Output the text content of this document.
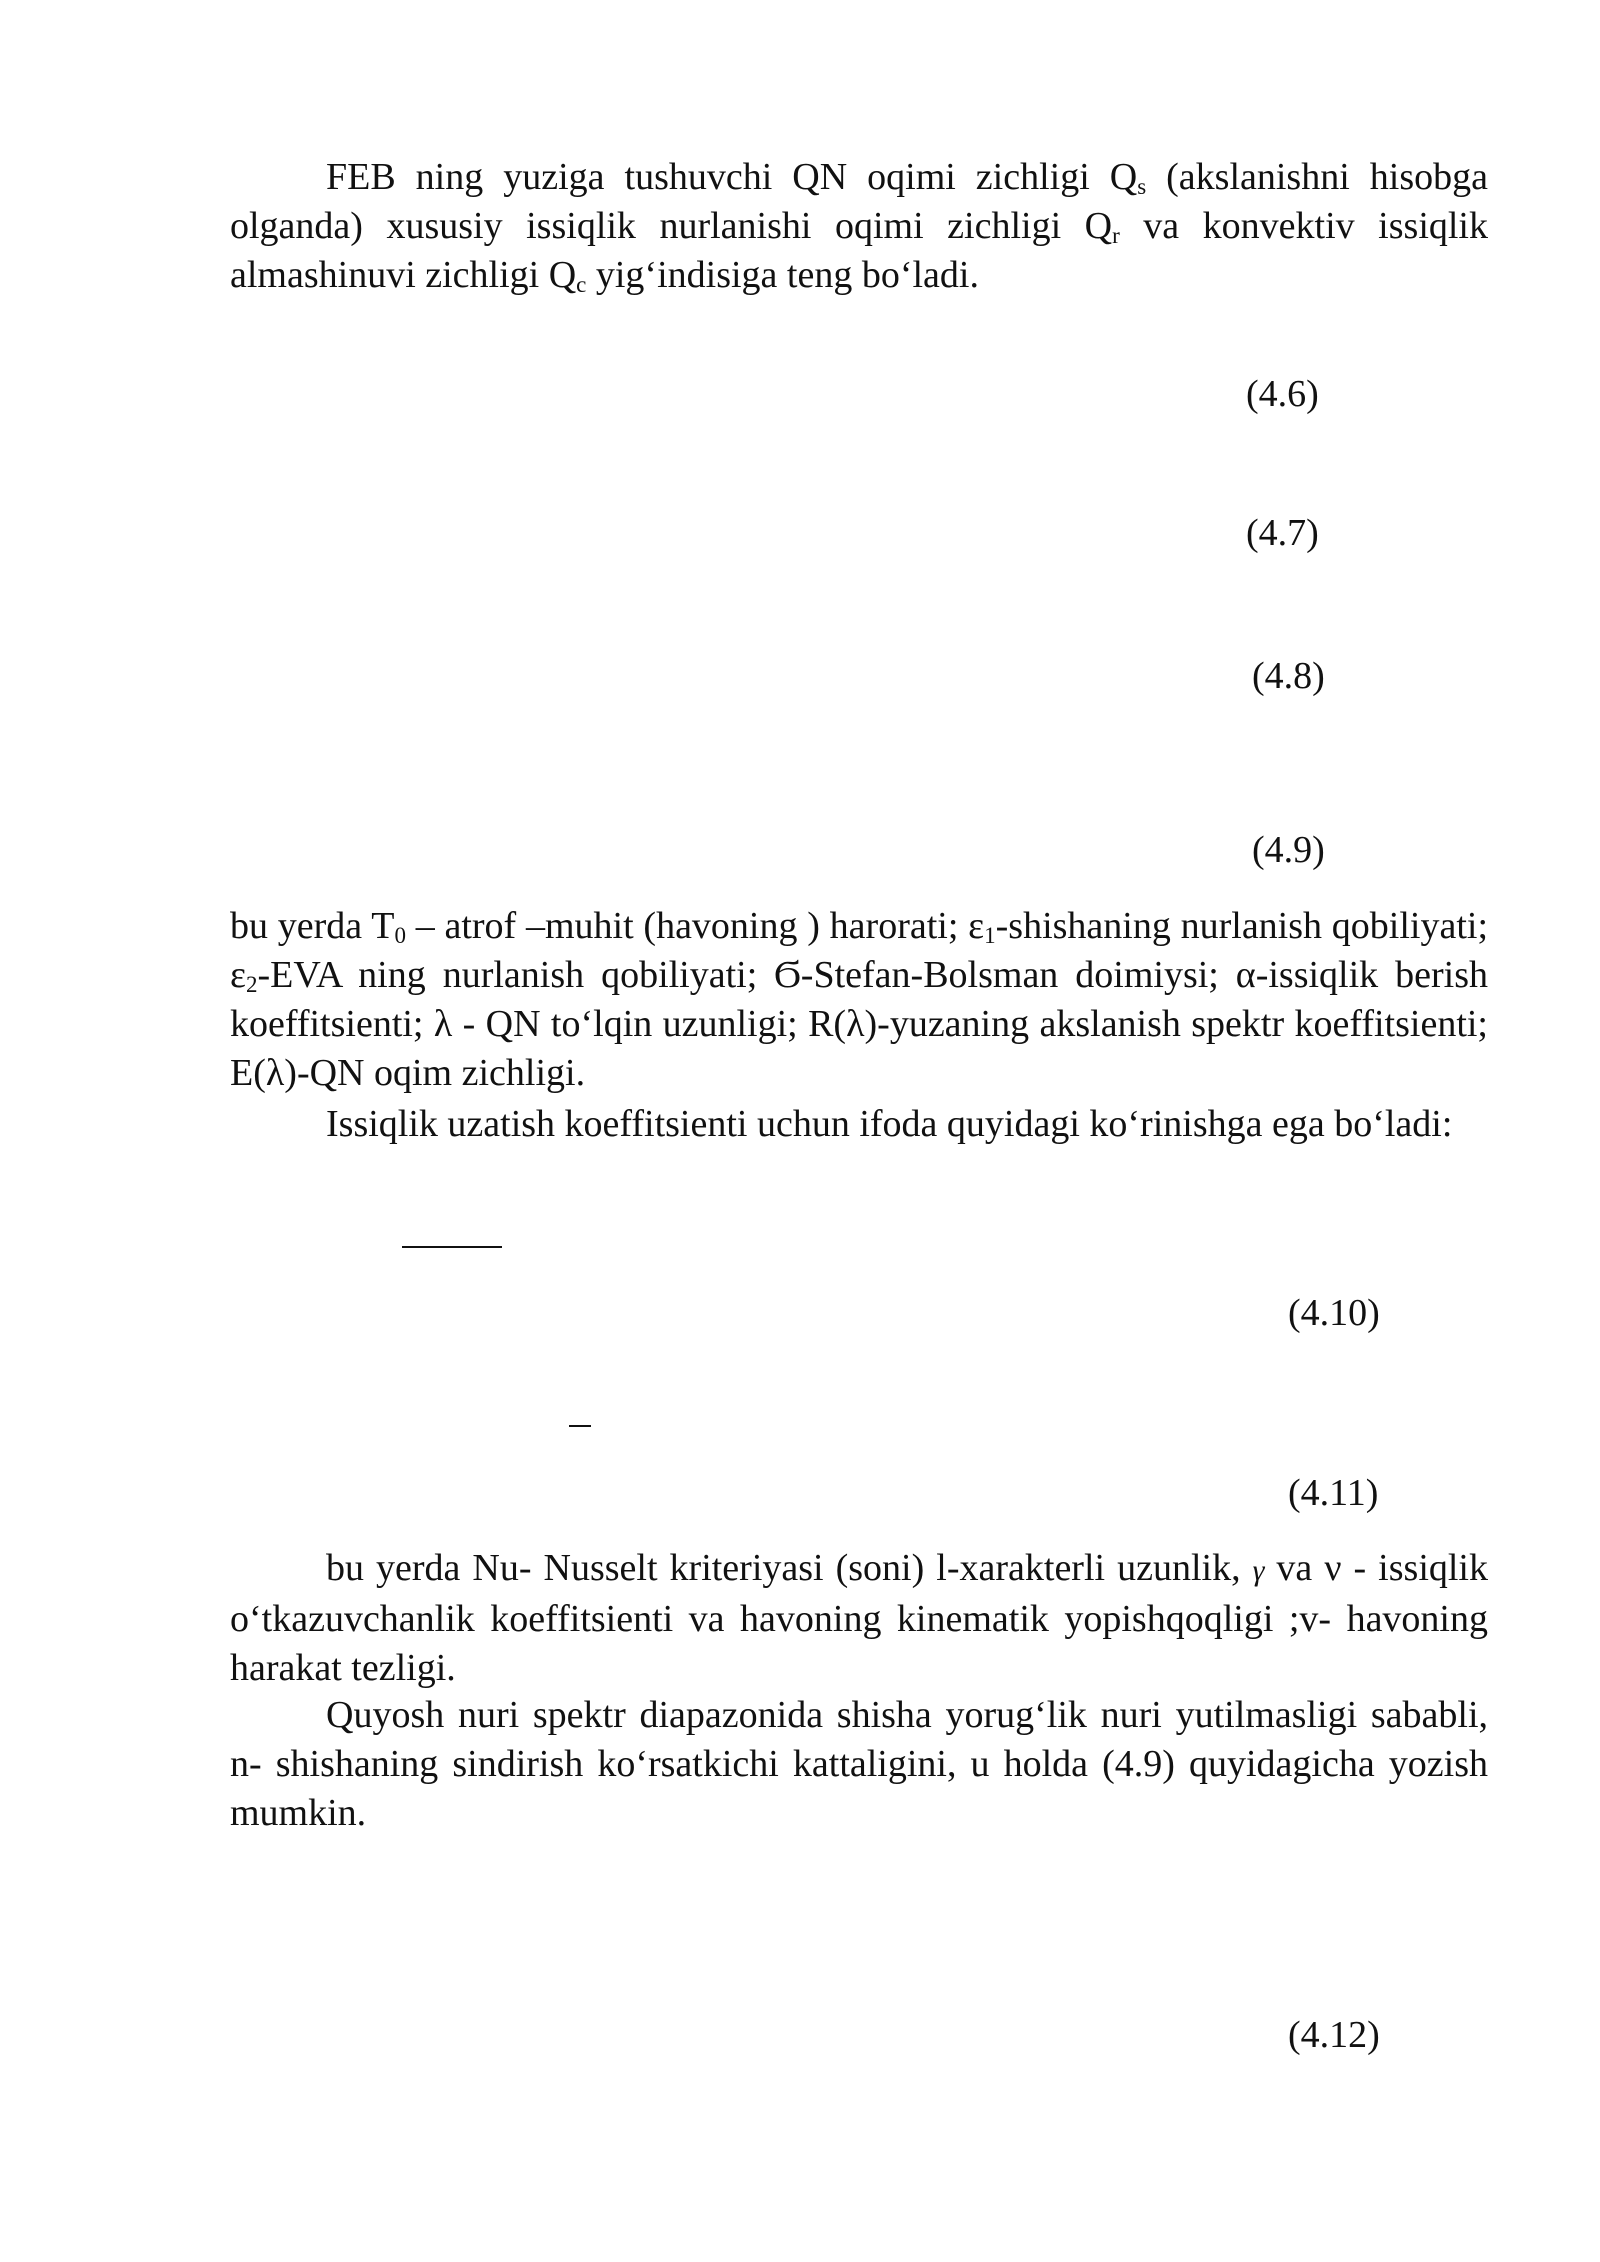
FEB ning yuziga tushuvchi QN oqimi zichligi $Q_s$ (akslanishni hisobga olganda) xususiy issiqlik nurlanishi oqimi zichligi $Q_r$ va konvektiv issiqlik almashinuvi zichligi $Q_c$ yig‘indisiga teng bo‘ladi.

(4.6)
(4.7)
(4.8)
(4.9)

bu yerda $T_0$ – atrof –muhit (havoning ) harorati; $\varepsilon_1$-shishaning nurlanish qobiliyati; $\varepsilon_2$-EVA ning nurlanish qobiliyati; Ϭ-Stefan-Bolsman doimiysi; α-issiqlik berish koeffitsienti; λ - QN to‘lqin uzunligi; R(λ)-yuzaning akslanish spektr koeffitsienti; E(λ)-QN oqim zichligi.

Issiqlik uzatish koeffitsienti uchun ifoda quyidagi ko‘rinishga ega bo‘ladi:

(4.10)
(4.11)

bu yerda Nu- Nusselt kriteriyasi (soni) l-xarakterli uzunlik, γ va ν - issiqlik o‘tkazuvchanlik koeffitsienti va havoning kinematik yopishqoqligi ;v- havoning harakat tezligi.

Quyosh nuri spektr diapazonida shisha yorug‘lik nuri yutilmasligi sababli, n- shishaning sindirish ko‘rsatkichi kattaligini, u holda (4.9) quyidagicha yozish mumkin.

(4.12)
